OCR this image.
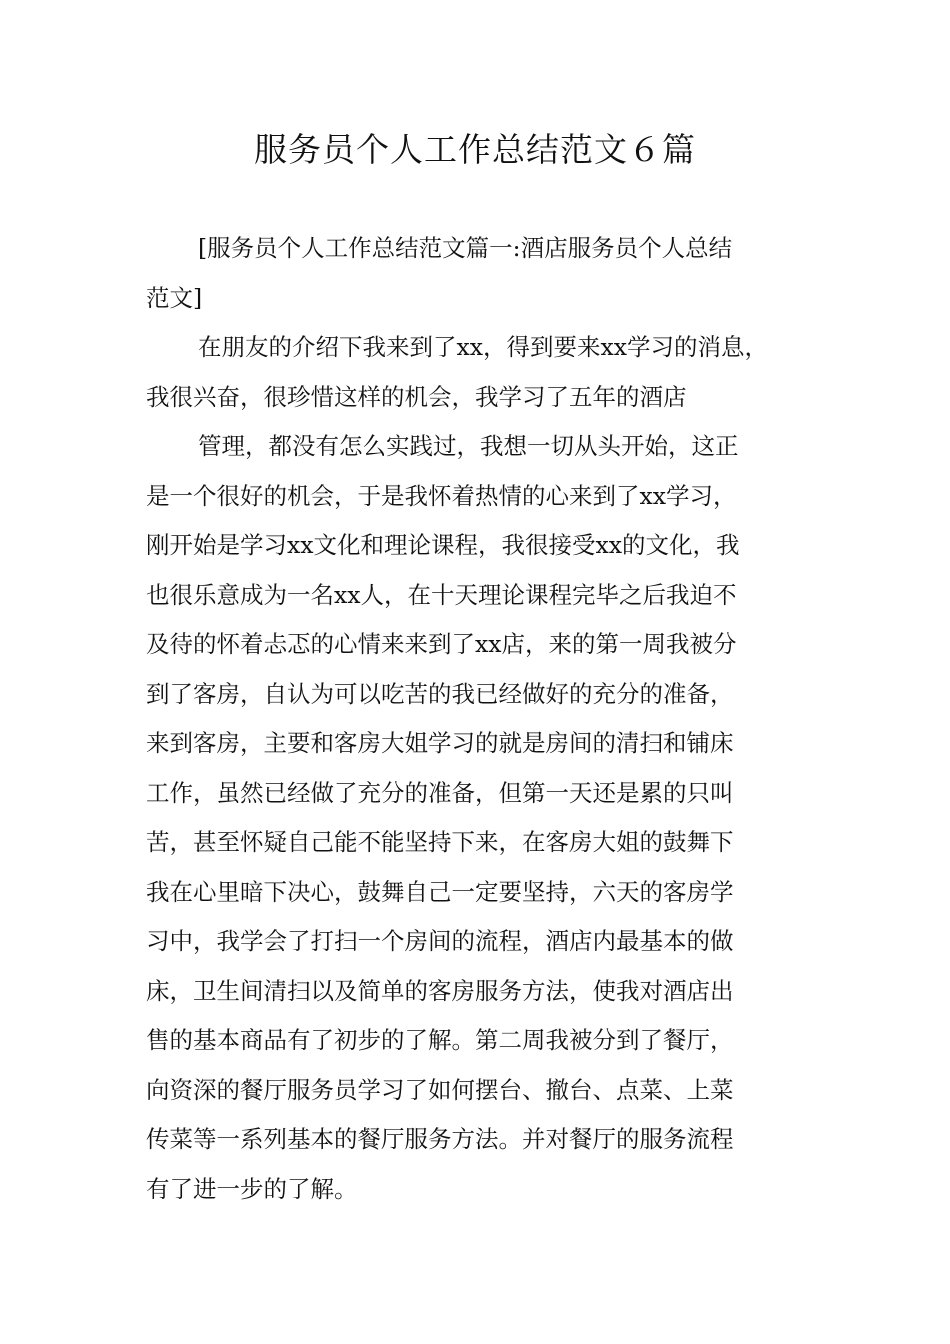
服务员个人工作总结范文６篇

[服务员个人工作总结范文篇一:酒店服务员个人总结
范文]

在朋友的介绍下我来到了xx，得到要来xx学习的消息，
我很兴奋，很珍惜这样的机会，我学习了五年的酒店

管理，都没有怎么实践过，我想一切从头开始，这正
是一个很好的机会，于是我怀着热情的心来到了xx学习，
刚开始是学习xx文化和理论课程，我很接受xx的文化，我
也很乐意成为一名xx人，在十天理论课程完毕之后我迫不
及待的怀着忐忑的心情来来到了xx店，来的第一周我被分
到了客房，自认为可以吃苦的我已经做好的充分的准备，
来到客房，主要和客房大姐学习的就是房间的清扫和铺床
工作，虽然已经做了充分的准备，但第一天还是累的只叫
苦，甚至怀疑自己能不能坚持下来，在客房大姐的鼓舞下
我在心里暗下决心，鼓舞自己一定要坚持，六天的客房学
习中，我学会了打扫一个房间的流程，酒店内最基本的做
床，卫生间清扫以及简单的客房服务方法，使我对酒店出
售的基本商品有了初步的了解。第二周我被分到了餐厅，
向资深的餐厅服务员学习了如何摆台、撤台、点菜、上菜
传菜等一系列基本的餐厅服务方法。并对餐厅的服务流程
有了进一步的了解。
